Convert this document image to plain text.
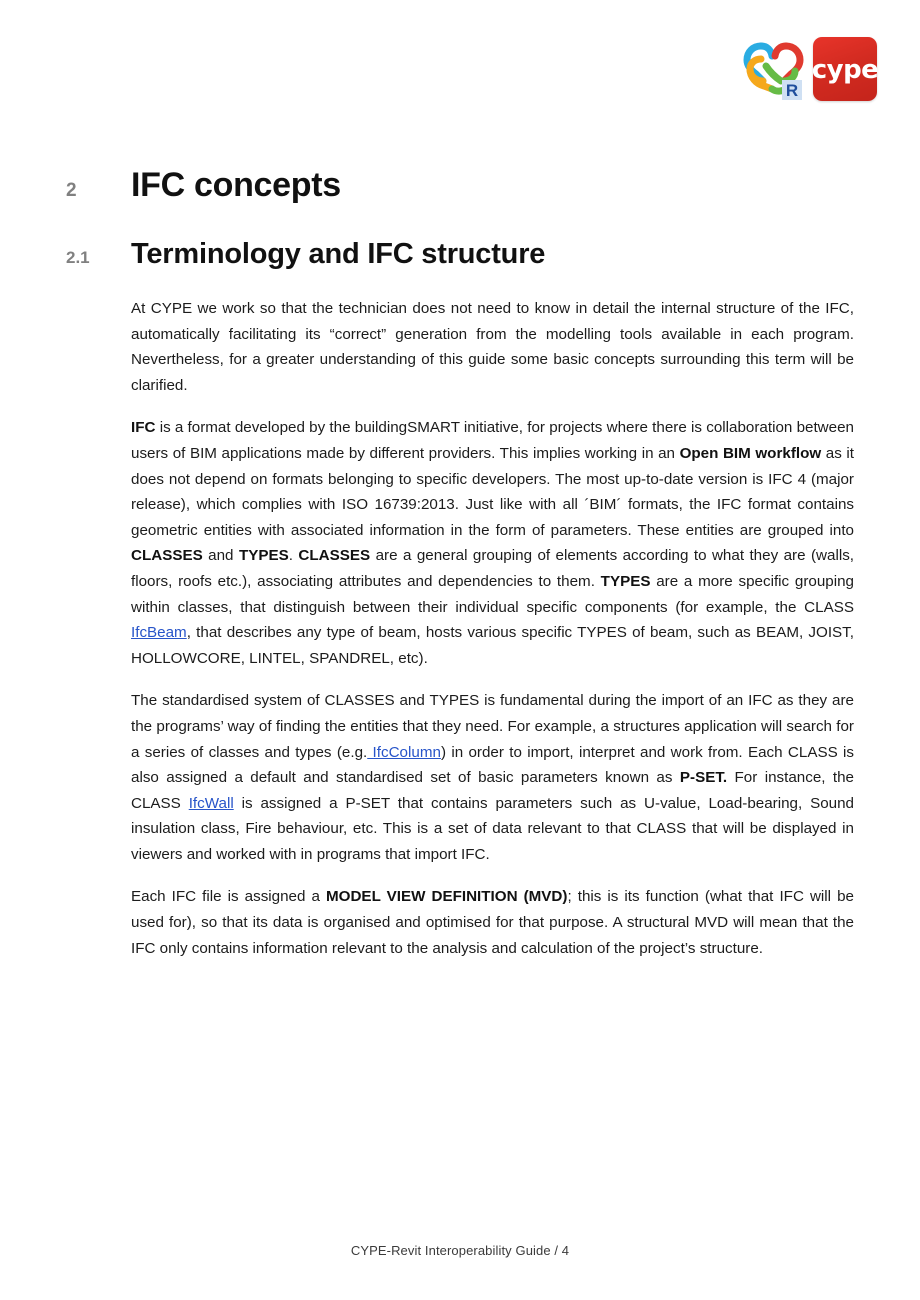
R
cype
2	IFC concepts
2.1	Terminology and IFC structure

At CYPE we work so that the technician does not need to know in detail the internal structure of the IFC, automatically facilitating its “correct” generation from the modelling tools available in each program. Nevertheless, for a greater understanding of this guide some basic concepts surrounding this term will be clarified.

IFC is a format developed by the buildingSMART initiative, for projects where there is collaboration between users of BIM applications made by different providers. This implies working in an Open BIM workflow as it does not depend on formats belonging to specific developers. The most up-to-date version is IFC 4 (major release), which complies with ISO 16739:2013. Just like with all ´BIM´ formats, the IFC format contains geometric entities with associated information in the form of parameters. These entities are grouped into CLASSES and TYPES. CLASSES are a general grouping of elements according to what they are (walls, floors, roofs etc.), associating attributes and dependencies to them. TYPES are a more specific grouping within classes, that distinguish between their individual specific components (for example, the CLASS IfcBeam, that describes any type of beam, hosts various specific TYPES of beam, such as BEAM, JOIST, HOLLOWCORE, LINTEL, SPANDREL, etc).

The standardised system of CLASSES and TYPES is fundamental during the import of an IFC as they are the programs’ way of finding the entities that they need. For example, a structures application will search for a series of classes and types (e.g. IfcColumn) in order to import, interpret and work from. Each CLASS is also assigned a default and standardised set of basic parameters known as P-SET. For instance, the CLASS IfcWall is assigned a P-SET that contains parameters such as U-value, Load-bearing, Sound insulation class, Fire behaviour, etc. This is a set of data relevant to that CLASS that will be displayed in viewers and worked with in programs that import IFC.

Each IFC file is assigned a MODEL VIEW DEFINITION (MVD); this is its function (what that IFC will be used for), so that its data is organised and optimised for that purpose. A structural MVD will mean that the IFC only contains information relevant to the analysis and calculation of the project’s structure.

CYPE-Revit Interoperability Guide / 4
